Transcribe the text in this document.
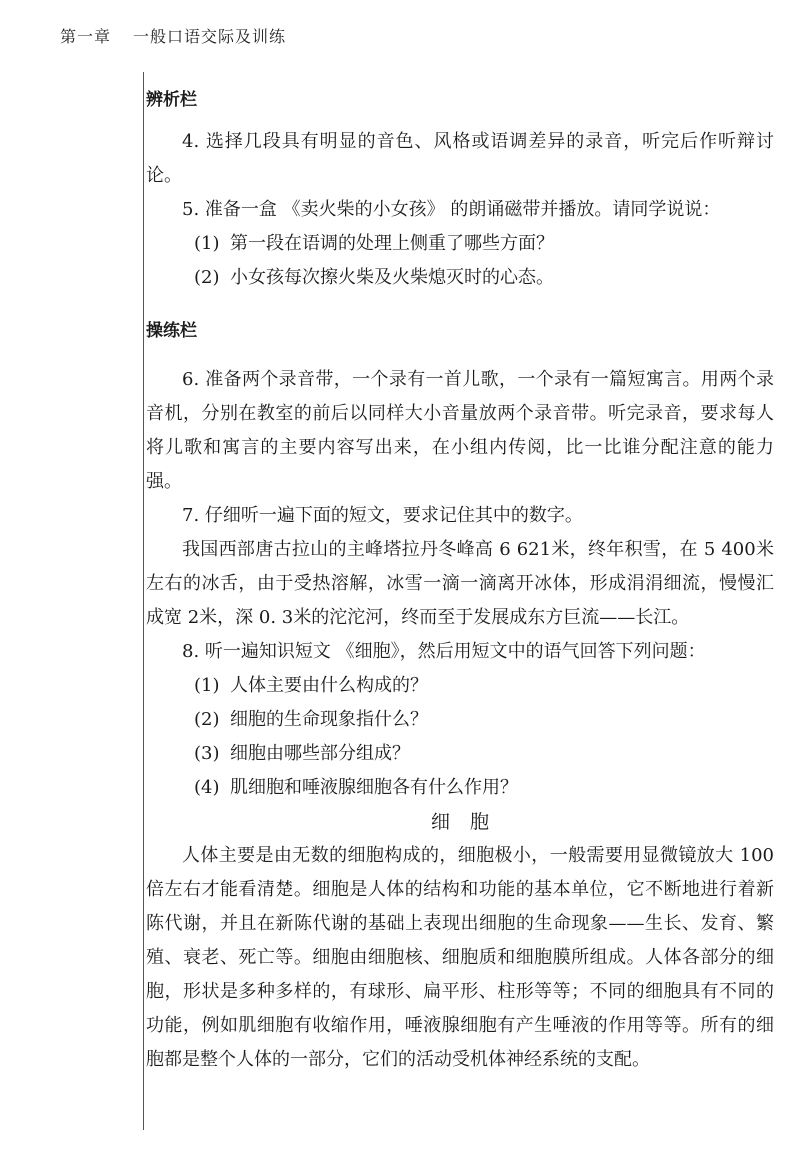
第一章 一般口语交际及训练
辨析栏

4. 选择几段具有明显的音色、风格或语调差异的录音，听完后作听辩讨论。

5. 准备一盒 《卖火柴的小女孩》 的朗诵磁带并播放。请同学说说：

(1) 第一段在语调的处理上侧重了哪些方面？
(2) 小女孩每次擦火柴及火柴熄灭时的心态。
操练栏

6. 准备两个录音带，一个录有一首儿歌，一个录有一篇短寓言。用两个录音机，分别在教室的前后以同样大小音量放两个录音带。听完录音，要求每人将儿歌和寓言的主要内容写出来，在小组内传阅，比一比谁分配注意的能力强。

7. 仔细听一遍下面的短文，要求记住其中的数字。

我国西部唐古拉山的主峰塔拉丹冬峰高 6 621米，终年积雪，在 5 400米左右的冰舌，由于受热溶解，冰雪一滴一滴离开冰体，形成涓涓细流，慢慢汇成宽 2米，深 0. 3米的沱沱河，终而至于发展成东方巨流——长江。

8. 听一遍知识短文 《细胞》，然后用短文中的语气回答下列问题：

(1) 人体主要由什么构成的？
(2) 细胞的生命现象指什么？
(3) 细胞由哪些部分组成？
(4) 肌细胞和唾液腺细胞各有什么作用？
细胞

人体主要是由无数的细胞构成的，细胞极小，一般需要用显微镜放大 100倍左右才能看清楚。细胞是人体的结构和功能的基本单位，它不断地进行着新陈代谢，并且在新陈代谢的基础上表现出细胞的生命现象——生长、发育、繁殖、衰老、死亡等。细胞由细胞核、细胞质和细胞膜所组成。人体各部分的细胞，形状是多种多样的，有球形、扁平形、柱形等等；不同的细胞具有不同的功能，例如肌细胞有收缩作用，唾液腺细胞有产生唾液的作用等等。所有的细胞都是整个人体的一部分，它们的活动受机体神经系统的支配。
